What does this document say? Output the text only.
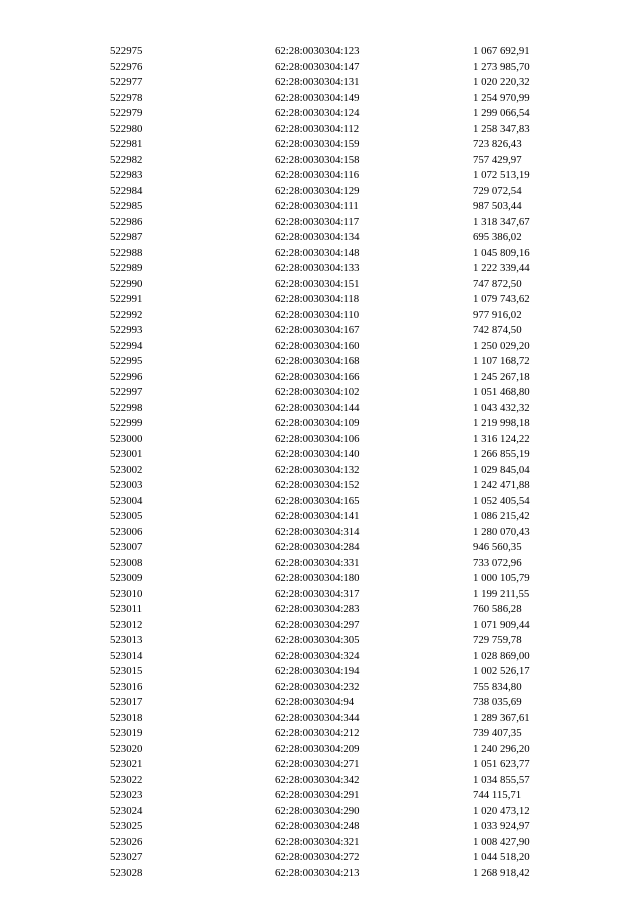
522975	62:28:0030304:123	1 067 692,91
522976	62:28:0030304:147	1 273 985,70
522977	62:28:0030304:131	1 020 220,32
522978	62:28:0030304:149	1 254 970,99
522979	62:28:0030304:124	1 299 066,54
522980	62:28:0030304:112	1 258 347,83
522981	62:28:0030304:159	723 826,43
522982	62:28:0030304:158	757 429,97
522983	62:28:0030304:116	1 072 513,19
522984	62:28:0030304:129	729 072,54
522985	62:28:0030304:111	987 503,44
522986	62:28:0030304:117	1 318 347,67
522987	62:28:0030304:134	695 386,02
522988	62:28:0030304:148	1 045 809,16
522989	62:28:0030304:133	1 222 339,44
522990	62:28:0030304:151	747 872,50
522991	62:28:0030304:118	1 079 743,62
522992	62:28:0030304:110	977 916,02
522993	62:28:0030304:167	742 874,50
522994	62:28:0030304:160	1 250 029,20
522995	62:28:0030304:168	1 107 168,72
522996	62:28:0030304:166	1 245 267,18
522997	62:28:0030304:102	1 051 468,80
522998	62:28:0030304:144	1 043 432,32
522999	62:28:0030304:109	1 219 998,18
523000	62:28:0030304:106	1 316 124,22
523001	62:28:0030304:140	1 266 855,19
523002	62:28:0030304:132	1 029 845,04
523003	62:28:0030304:152	1 242 471,88
523004	62:28:0030304:165	1 052 405,54
523005	62:28:0030304:141	1 086 215,42
523006	62:28:0030304:314	1 280 070,43
523007	62:28:0030304:284	946 560,35
523008	62:28:0030304:331	733 072,96
523009	62:28:0030304:180	1 000 105,79
523010	62:28:0030304:317	1 199 211,55
523011	62:28:0030304:283	760 586,28
523012	62:28:0030304:297	1 071 909,44
523013	62:28:0030304:305	729 759,78
523014	62:28:0030304:324	1 028 869,00
523015	62:28:0030304:194	1 002 526,17
523016	62:28:0030304:232	755 834,80
523017	62:28:0030304:94	738 035,69
523018	62:28:0030304:344	1 289 367,61
523019	62:28:0030304:212	739 407,35
523020	62:28:0030304:209	1 240 296,20
523021	62:28:0030304:271	1 051 623,77
523022	62:28:0030304:342	1 034 855,57
523023	62:28:0030304:291	744 115,71
523024	62:28:0030304:290	1 020 473,12
523025	62:28:0030304:248	1 033 924,97
523026	62:28:0030304:321	1 008 427,90
523027	62:28:0030304:272	1 044 518,20
523028	62:28:0030304:213	1 268 918,42
